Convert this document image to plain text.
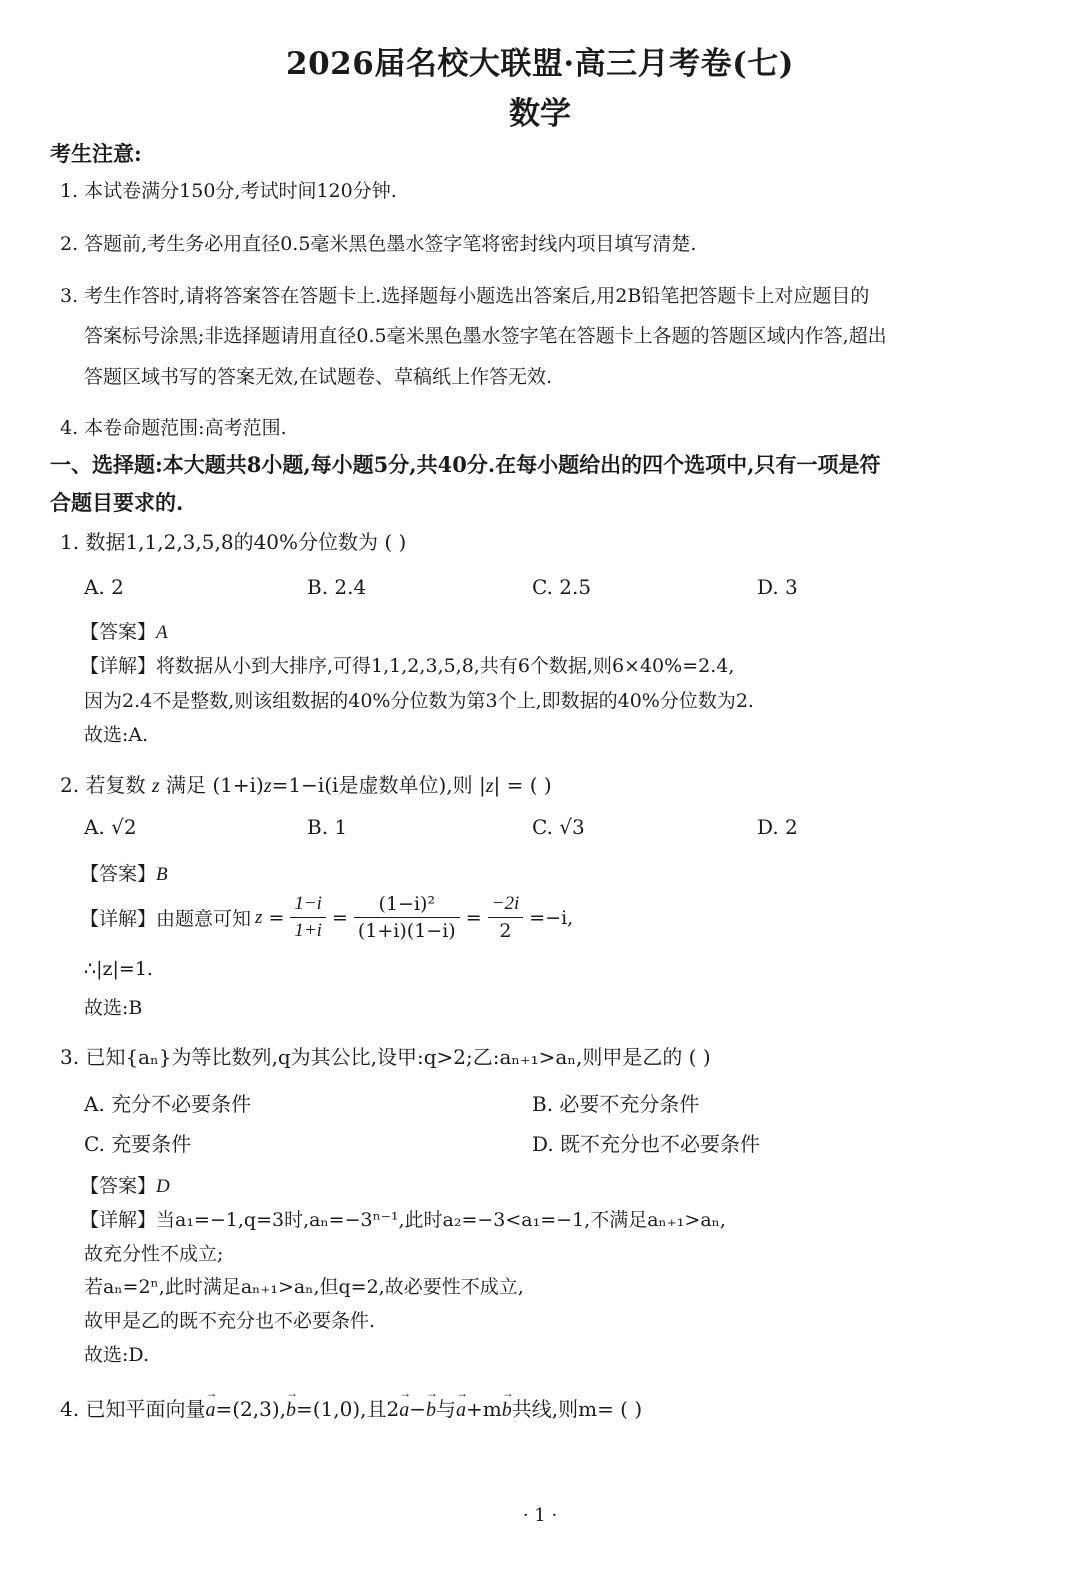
2026届名校大联盟·高三月考卷(七)
数学
考生注意:
1. 本试卷满分150分,考试时间120分钟.
2. 答题前,考生务必用直径0.5毫米黑色墨水签字笔将密封线内项目填写清楚.
3. 考生作答时,请将答案答在答题卡上.选择题每小题选出答案后,用2B铅笔把答题卡上对应题目的
答案标号涂黑;非选择题请用直径0.5毫米黑色墨水签字笔在答题卡上各题的答题区域内作答,超出
答题区域书写的答案无效,在试题卷、草稿纸上作答无效.
4. 本卷命题范围:高考范围.
一、选择题:本大题共8小题,每小题5分,共40分.在每小题给出的四个选项中,只有一项是符
合题目要求的.
1. 数据1,1,2,3,5,8的40%分位数为 ( )
A. 2	B. 2.4	C. 2.5	D. 3
【答案】A
【详解】将数据从小到大排序,可得1,1,2,3,5,8,共有6个数据,则6×40%=2.4,
因为2.4不是整数,则该组数据的40%分位数为第3个上,即数据的40%分位数为2.
故选:A.
2. 若复数 z 满足 (1+i)z=1−i(i是虚数单位),则 |z| = ( )
A. √2	B. 1	C. √3	D. 2
【答案】B
【详解】 由题意可知 $z = \frac{1-i}{1+i} = \frac{\text{(1−i)²}}{(1+i)(1-i)} = \frac{-2i}{2} =-i$,
∴|z|=1.
故选:B
3. 已知{aₙ}为等比数列,q为其公比,设甲:q>2;乙:aₙ₊₁>aₙ,则甲是乙的 ( )
A. 充分不必要条件	B. 必要不充分条件
C. 充要条件	D. 既不充分也不必要条件
【答案】D
【详解】当a₁=−1,q=3时,aₙ=−3ⁿ⁻¹,此时a₂=−3<a₁=−1,不满足aₙ₊₁>aₙ,
故充分性不成立;
若aₙ=2ⁿ,此时满足aₙ₊₁>aₙ,但q=2,故必要性不成立,
故甲是乙的既不充分也不必要条件.
故选:D.
4. 已知平面向量→ a=(2,3),→ b=(1,0),且2→ a−→ b与→ a+m→ b共线,则m= ( )
· 1 ·
